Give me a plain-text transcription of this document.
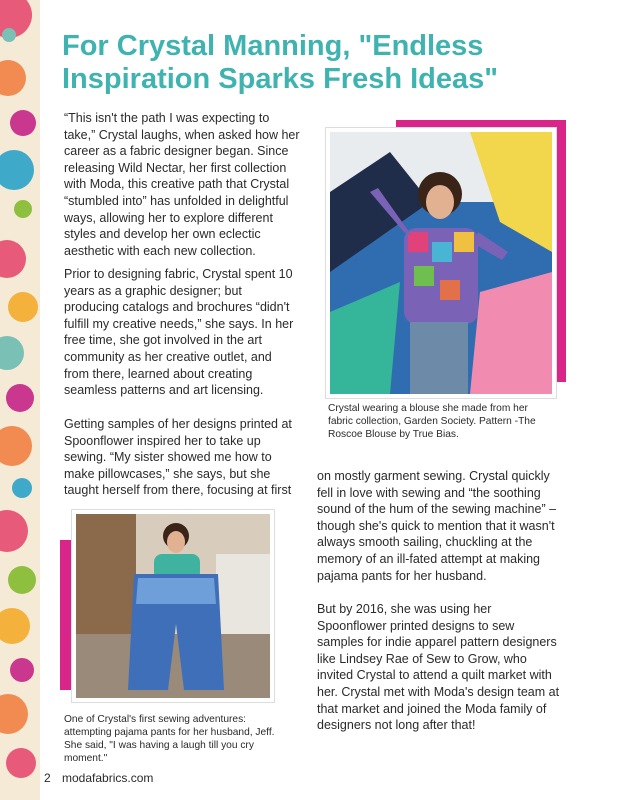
For Crystal Manning, "Endless Inspiration Sparks Fresh Ideas"

“This isn't the path I was expecting to take,” Crystal laughs, when asked how her career as a fabric designer began. Since releasing Wild Nectar, her first collection with Moda, this creative path that Crystal “stumbled into” has unfolded in delightful ways, allowing her to explore different styles and develop her own eclectic aesthetic with each new collection.

Prior to designing fabric, Crystal spent 10 years as a graphic designer; but producing catalogs and brochures “didn't fulfill my creative needs,” she says. In her free time, she got involved in the art community as her creative outlet, and from there, learned about creating seamless patterns and art licensing.

Getting samples of her designs printed at Spoonflower inspired her to take up sewing. “My sister showed me how to make pillowcases,” she says, but she taught herself from there, focusing at first

Crystal wearing a blouse she made from her fabric collection, Garden Society. Pattern -The Roscoe Blouse by True Bias.

on mostly garment sewing. Crystal quickly fell in love with sewing and “the soothing sound of the hum of the sewing machine” – though she's quick to mention that it wasn't always smooth sailing, chuckling at the memory of an ill-fated attempt at making pajama pants for her husband.

But by 2016, she was using her Spoonflower printed designs to sew samples for indie apparel pattern designers like Lindsey Rae of Sew to Grow, who invited Crystal to attend a quilt market with her. Crystal met with Moda's design team at that market and joined the Moda family of designers not long after that!

One of Crystal's first sewing adventures: attempting pajama pants for her husband, Jeff. She said, "I was having a laugh till you cry moment."

2 modafabrics.com
